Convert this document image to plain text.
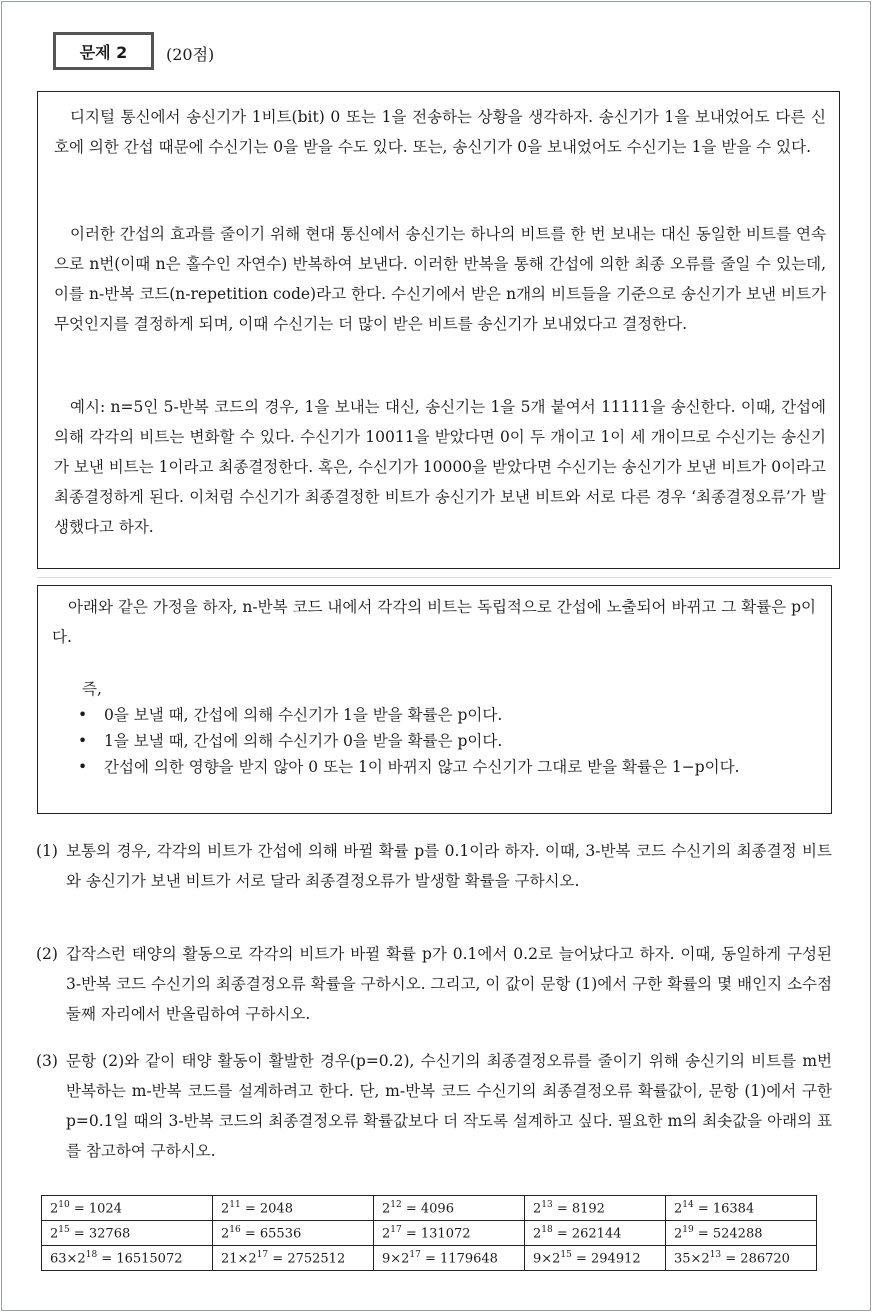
문제 2	(20점)

디지털 통신에서 송신기가 1비트(bit) 0 또는 1을 전송하는 상황을 생각하자. 송신기가 1을 보내었어도 다른 신호에 의한 간섭 때문에 수신기는 0을 받을 수도 있다. 또는, 송신기가 0을 보내었어도 수신기는 1을 받을 수 있다.

이러한 간섭의 효과를 줄이기 위해 현대 통신에서 송신기는 하나의 비트를 한 번 보내는 대신 동일한 비트를 연속으로 n번(이때 n은 홀수인 자연수) 반복하여 보낸다. 이러한 반복을 통해 간섭에 의한 최종 오류를 줄일 수 있는데, 이를 n-반복 코드(n-repetition code)라고 한다. 수신기에서 받은 n개의 비트들을 기준으로 송신기가 보낸 비트가 무엇인지를 결정하게 되며, 이때 수신기는 더 많이 받은 비트를 송신기가 보내었다고 결정한다.

예시: n=5인 5-반복 코드의 경우, 1을 보내는 대신, 송신기는 1을 5개 붙여서 11111을 송신한다. 이때, 간섭에 의해 각각의 비트는 변화할 수 있다. 수신기가 10011을 받았다면 0이 두 개이고 1이 세 개이므로 수신기는 송신기가 보낸 비트는 1이라고 최종결정한다. 혹은, 수신기가 10000을 받았다면 수신기는 송신기가 보낸 비트가 0이라고 최종결정하게 된다. 이처럼 수신기가 최종결정한 비트가 송신기가 보낸 비트와 서로 다른 경우 ‘최종결정오류’가 발생했다고 하자.

아래와 같은 가정을 하자, n-반복 코드 내에서 각각의 비트는 독립적으로 간섭에 노출되어 바뀌고 그 확률은 p이다.

즉,
•	0을 보낼 때, 간섭에 의해 수신기가 1을 받을 확률은 p이다.
•	1을 보낼 때, 간섭에 의해 수신기가 0을 받을 확률은 p이다.
•	간섭에 의한 영향을 받지 않아 0 또는 1이 바뀌지 않고 수신기가 그대로 받을 확률은 1−p이다.
(1) 보통의 경우, 각각의 비트가 간섭에 의해 바뀔 확률 p를 0.1이라 하자. 이때, 3-반복 코드 수신기의 최종결정 비트와 송신기가 보낸 비트가 서로 달라 최종결정오류가 발생할 확률을 구하시오.

(2) 갑작스런 태양의 활동으로 각각의 비트가 바뀔 확률 p가 0.1에서 0.2로 늘어났다고 하자. 이때, 동일하게 구성된 3-반복 코드 수신기의 최종결정오류 확률을 구하시오. 그리고, 이 값이 문항 (1)에서 구한 확률의 몇 배인지 소수점 둘째 자리에서 반올림하여 구하시오.

(3) 문항 (2)와 같이 태양 활동이 활발한 경우(p=0.2), 수신기의 최종결정오류를 줄이기 위해 송신기의 비트를 m번 반복하는 m-반복 코드를 설계하려고 한다. 단, m-반복 코드 수신기의 최종결정오류 확률값이, 문항 (1)에서 구한 p=0.1일 때의 3-반복 코드의 최종결정오류 확률값보다 더 작도록 설계하고 싶다. 필요한 m의 최솟값을 아래의 표를 참고하여 구하시오.

$2^{10} = 1024$	$2^{11} = 2048$	$2^{12} = 4096$	$2^{13} = 8192$	$2^{14} = 16384$
$2^{15} = 32768$	$2^{16} = 65536$	$2^{17} = 131072$	$2^{18} = 262144$	$2^{19} = 524288$
$63\times 2^{18} = 16515072$	$21\times 2^{17} = 2752512$	$9\times 2^{17} = 1179648$	$9\times 2^{15} = 294912$	$35\times 2^{13} = 286720$
